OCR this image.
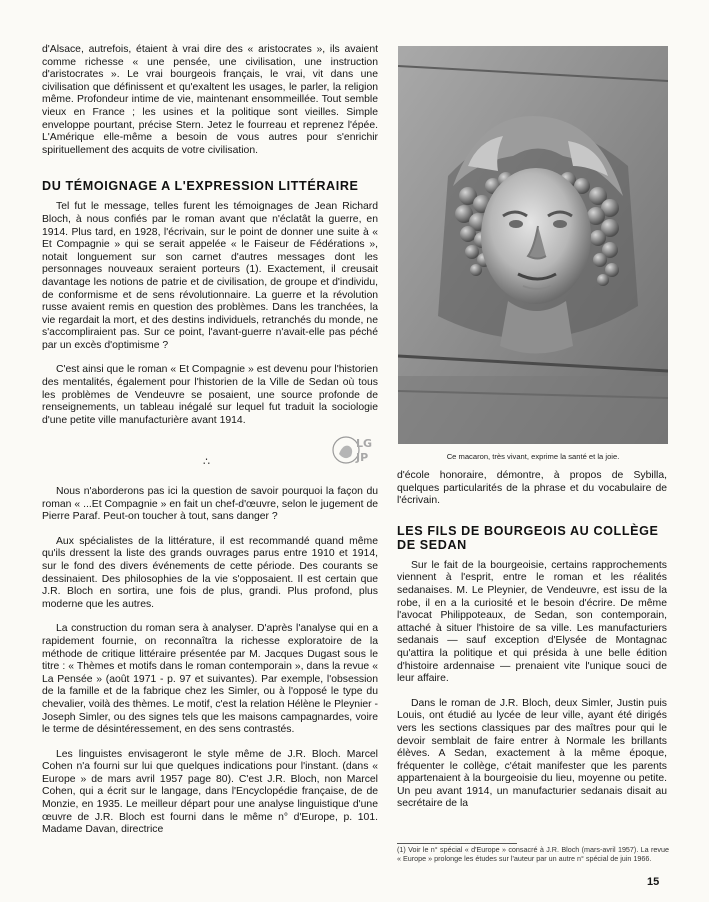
d'Alsace, autrefois, étaient à vrai dire des « aristocrates », ils avaient comme richesse « une pensée, une civilisation, une instruction d'aristocrates ». Le vrai bourgeois français, le vrai, vit dans une civilisation que définissent et qu'exaltent les usages, le parler, la religion même. Profondeur intime de vie, maintenant ensommeillée. Tout semble vieux en France ; les usines et la politique sont vieilles. Simple enveloppe pourtant, précise Stern. Jetez le fourreau et reprenez l'épée. L'Amérique elle-même a besoin de vous autres pour s'enrichir spirituellement des acquits de votre civilisation.

DU TÉMOIGNAGE A L'EXPRESSION LITTÉRAIRE

Tel fut le message, telles furent les témoignages de Jean Richard Bloch, à nous confiés par le roman avant que n'éclatât la guerre, en 1914. Plus tard, en 1928, l'écrivain, sur le point de donner une suite à « Et Compagnie » qui se serait appelée « le Faiseur de Fédérations », notait longuement sur son carnet d'autres messages dont les personnages nouveaux seraient porteurs (1). Exactement, il creusait davantage les notions de patrie et de civilisation, de groupe et d'individu, de conformisme et de sens révolutionnaire. La guerre et la révolution russe avaient remis en question des problèmes. Dans les tranchées, la vie regardait la mort, et des destins individuels, retranchés du monde, ne s'accompliraient pas. Sur ce point, l'avant-guerre n'avait-elle pas péché par un excès d'optimisme ?

C'est ainsi que le roman « Et Compagnie » est devenu pour l'historien des mentalités, également pour l'historien de la Ville de Sedan où tous les problèmes de Vendeuvre se posaient, une source profonde de renseignements, un tableau inégalé sur lequel fut traduit la sociologie d'une petite ville manufacturière avant 1914.

LG
JP
∴

Nous n'aborderons pas ici la question de savoir pourquoi la façon du roman « ...Et Compagnie » en fait un chef-d'œuvre, selon le jugement de Pierre Paraf. Peut-on toucher à tout, sans danger ?

Aux spécialistes de la littérature, il est recommandé quand même qu'ils dressent la liste des grands ouvrages parus entre 1910 et 1914, sur le fond des divers événements de cette période. Des courants se dessinaient. Des philosophies de la vie s'opposaient. Il est certain que J.R. Bloch en sortira, une fois de plus, grandi. Plus profond, plus moderne que les autres.

La construction du roman sera à analyser. D'après l'analyse qui en a rapidement fournie, on reconnaîtra la richesse exploratoire de la méthode de critique littéraire présentée par M. Jacques Dugast sous le titre : « Thèmes et motifs dans le roman contemporain », dans la revue « La Pensée » (août 1971 - p. 97 et suivantes). Par exemple, l'obsession de la famille et de la fabrique chez les Simler, ou à l'opposé le type du chevalier, voilà des thèmes. Le motif, c'est la relation Hélène le Pleynier - Joseph Simler, ou des signes tels que les maisons campagnardes, voire le terme de désintéressement, en des sens contrastés.

Les linguistes envisageront le style même de J.R. Bloch. Marcel Cohen n'a fourni sur lui que quelques indications pour l'instant. (dans « Europe » de mars avril 1957 page 80). C'est J.R. Bloch, non Marcel Cohen, qui a écrit sur le langage, dans l'Encyclopédie française, de de Monzie, en 1935. Le meilleur départ pour une analyse linguistique d'une œuvre de J.R. Bloch est fourni dans le même n° d'Europe, p. 101. Madame Davan, directrice

Ce macaron, très vivant, exprime la santé et la joie.

d'école honoraire, démontre, à propos de Sybilla, quelques particularités de la phrase et du vocabulaire de l'écrivain.

LES FILS DE BOURGEOIS AU COLLÈGE DE SEDAN

Sur le fait de la bourgeoisie, certains rapprochements viennent à l'esprit, entre le roman et les réalités sedanaises. M. Le Pleynier, de Vendeuvre, est issu de la robe, il en a la curiosité et le besoin d'écrire. De même l'avocat Philippoteaux, de Sedan, son contemporain, attaché à situer l'histoire de sa ville. Les manufacturiers sedanais — sauf exception d'Elysée de Montagnac qu'attira la politique et qui présida à une belle édition d'histoire ardennaise — prenaient vite l'unique souci de leur affaire.

Dans le roman de J.R. Bloch, deux Simler, Justin puis Louis, ont étudié au lycée de leur ville, ayant été dirigés vers les sections classiques par des maîtres pour qui le devoir semblait de faire entrer à Normale les brillants élèves. A Sedan, exactement à la même époque, fréquenter le collège, c'était manifester que les parents appartenaient à la bourgeoisie du lieu, moyenne ou petite. Un peu avant 1914, un manufacturier sedanais disait au secrétaire de la

(1) Voir le n° spécial « d'Europe » consacré à J.R. Bloch (mars-avril 1957). La revue « Europe » prolonge les études sur l'auteur par un autre n° spécial de juin 1966.
15
